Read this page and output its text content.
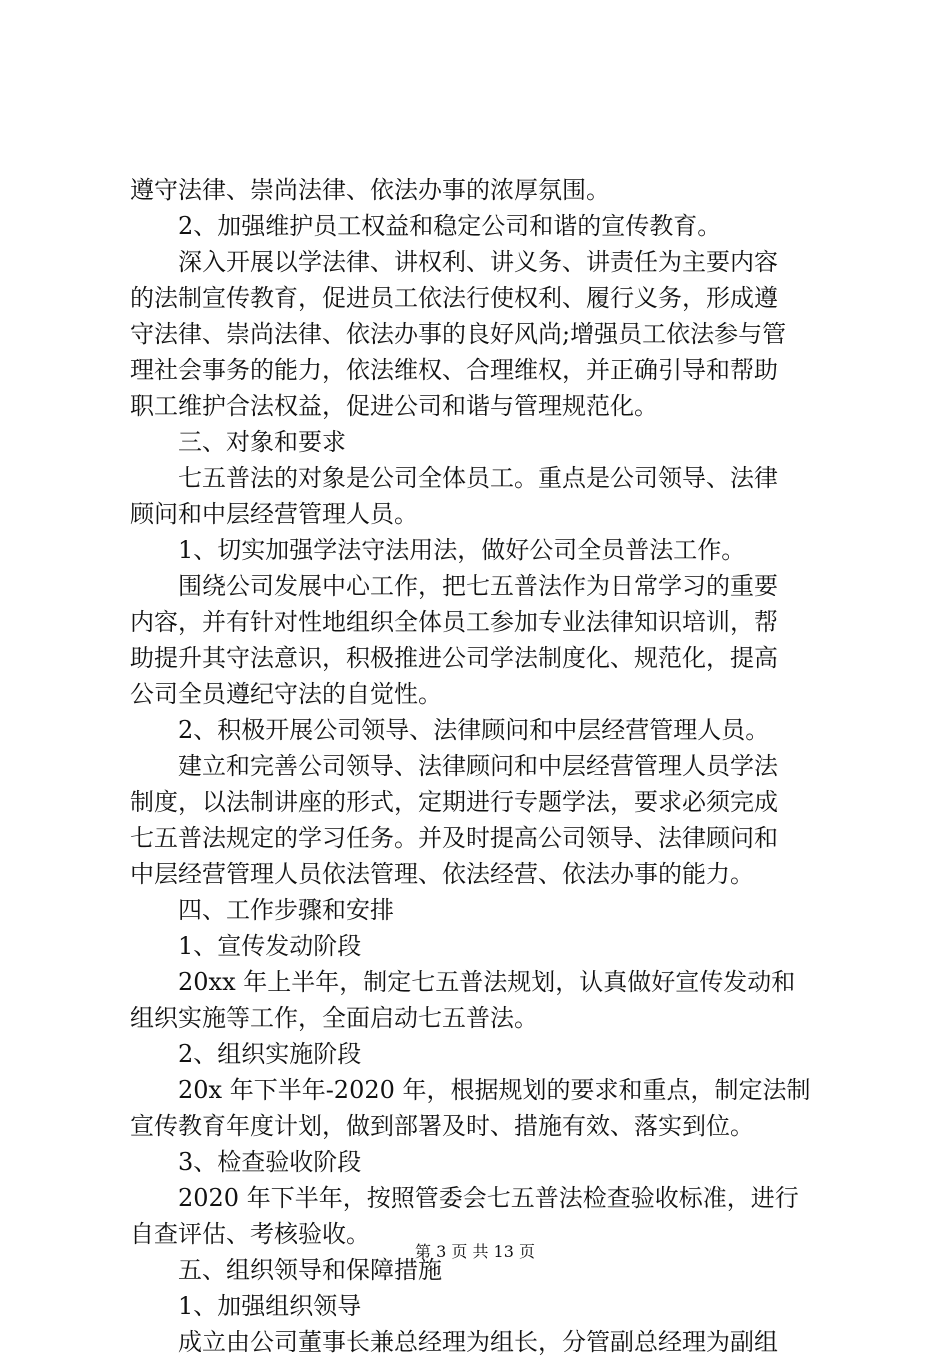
遵守法律、崇尚法律、依法办事的浓厚氛围。
2、加强维护员工权益和稳定公司和谐的宣传教育。
深入开展以学法律、讲权利、讲义务、讲责任为主要内容
的法制宣传教育，促进员工依法行使权利、履行义务，形成遵
守法律、崇尚法律、依法办事的良好风尚;增强员工依法参与管
理社会事务的能力，依法维权、合理维权，并正确引导和帮助
职工维护合法权益，促进公司和谐与管理规范化。
三、对象和要求
七五普法的对象是公司全体员工。重点是公司领导、法律
顾问和中层经营管理人员。
1、切实加强学法守法用法，做好公司全员普法工作。
围绕公司发展中心工作，把七五普法作为日常学习的重要
内容，并有针对性地组织全体员工参加专业法律知识培训，帮
助提升其守法意识，积极推进公司学法制度化、规范化，提高
公司全员遵纪守法的自觉性。
2、积极开展公司领导、法律顾问和中层经营管理人员。
建立和完善公司领导、法律顾问和中层经营管理人员学法
制度，以法制讲座的形式，定期进行专题学法，要求必须完成
七五普法规定的学习任务。并及时提高公司领导、法律顾问和
中层经营管理人员依法管理、依法经营、依法办事的能力。
四、工作步骤和安排
1、宣传发动阶段
20xx 年上半年，制定七五普法规划，认真做好宣传发动和
组织实施等工作，全面启动七五普法。
2、组织实施阶段
20x 年下半年-2020 年，根据规划的要求和重点，制定法制
宣传教育年度计划，做到部署及时、措施有效、落实到位。
3、检查验收阶段
2020 年下半年，按照管委会七五普法检查验收标准，进行
自查评估、考核验收。
五、组织领导和保障措施
1、加强组织领导
成立由公司董事长兼总经理为组长，分管副总经理为副组
第 3 页 共 13 页
